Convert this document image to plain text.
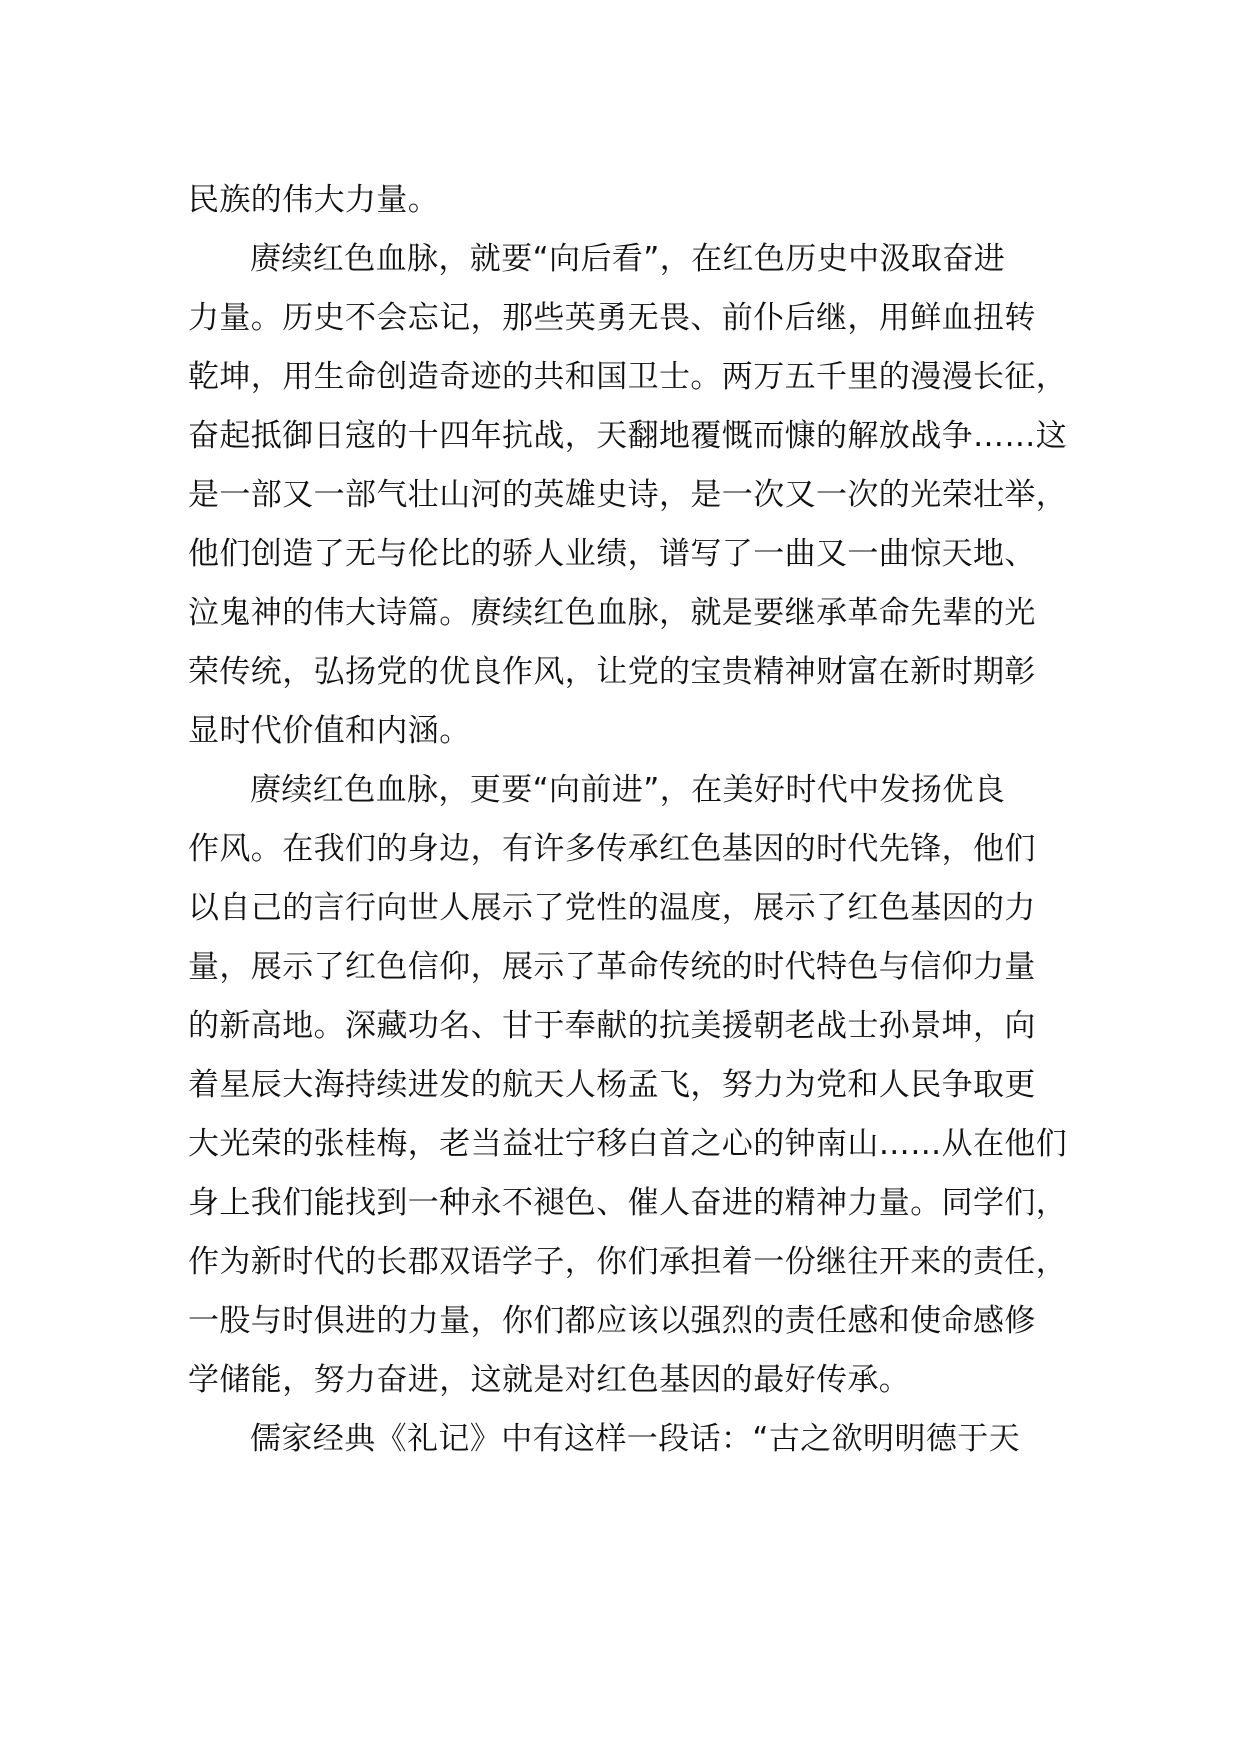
民族的伟大力量。
赓续红色血脉，就要“向后看”，在红色历史中汲取奋进
力量。历史不会忘记，那些英勇无畏、前仆后继，用鲜血扭转
乾坤，用生命创造奇迹的共和国卫士。两万五千里的漫漫长征，
奋起抵御日寇的十四年抗战，天翻地覆慨而慷的解放战争……这
是一部又一部气壮山河的英雄史诗，是一次又一次的光荣壮举，
他们创造了无与伦比的骄人业绩，谱写了一曲又一曲惊天地、
泣鬼神的伟大诗篇。赓续红色血脉，就是要继承革命先辈的光
荣传统，弘扬党的优良作风，让党的宝贵精神财富在新时期彰
显时代价值和内涵。
赓续红色血脉，更要“向前进”，在美好时代中发扬优良
作风。在我们的身边，有许多传承红色基因的时代先锋，他们
以自己的言行向世人展示了党性的温度，展示了红色基因的力
量，展示了红色信仰，展示了革命传统的时代特色与信仰力量
的新高地。深藏功名、甘于奉献的抗美援朝老战士孙景坤，向
着星辰大海持续进发的航天人杨孟飞，努力为党和人民争取更
大光荣的张桂梅，老当益壮宁移白首之心的钟南山……从在他们
身上我们能找到一种永不褪色、催人奋进的精神力量。同学们，
作为新时代的长郡双语学子，你们承担着一份继往开来的责任，
一股与时俱进的力量，你们都应该以强烈的责任感和使命感修
学储能，努力奋进，这就是对红色基因的最好传承。
儒家经典《礼记》中有这样一段话：“古之欲明明德于天
